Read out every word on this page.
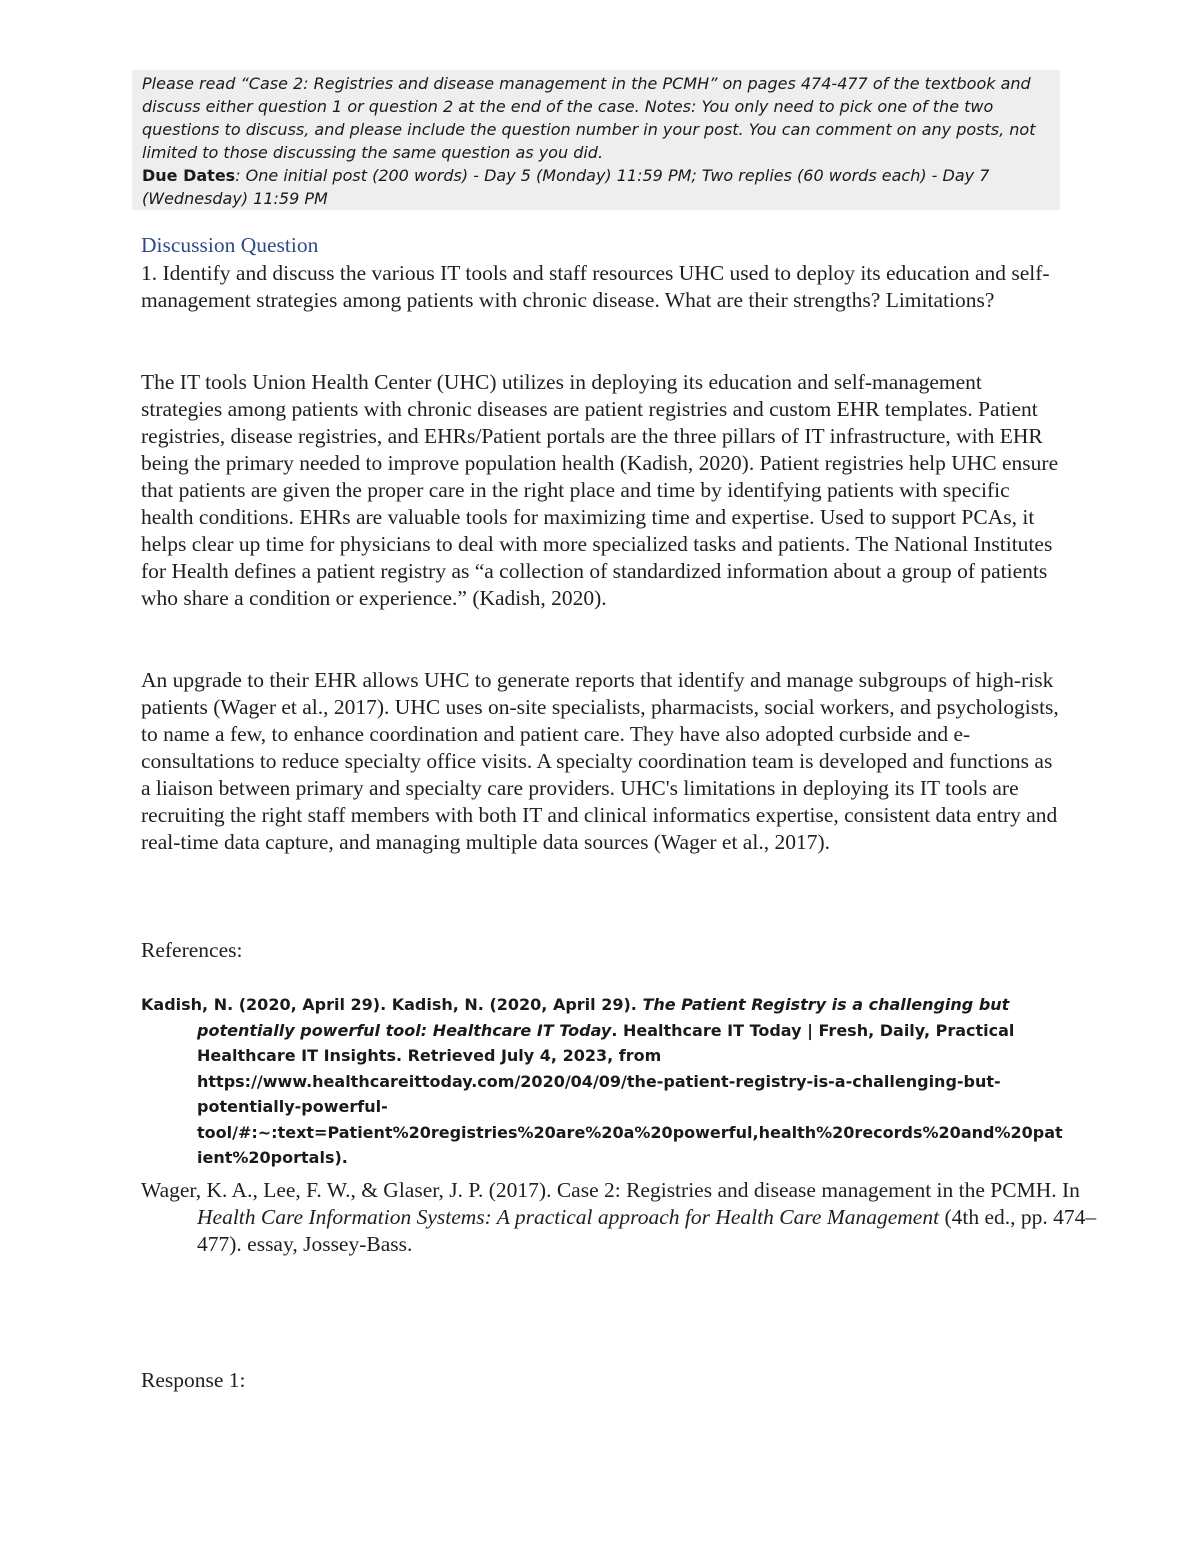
Please read “Case 2: Registries and disease management in the PCMH” on pages 474-477 of the textbook and discuss either question 1 or question 2 at the end of the case. Notes: You only need to pick one of the two questions to discuss, and please include the question number in your post. You can comment on any posts, not limited to those discussing the same question as you did.
Due Dates: One initial post (200 words) - Day 5 (Monday) 11:59 PM; Two replies (60 words each) - Day 7 (Wednesday) 11:59 PM
Discussion Question

1. Identify and discuss the various IT tools and staff resources UHC used to deploy its education and self-management strategies among patients with chronic disease. What are their strengths? Limitations?

The IT tools Union Health Center (UHC) utilizes in deploying its education and self-management strategies among patients with chronic diseases are patient registries and custom EHR templates. Patient registries, disease registries, and EHRs/Patient portals are the three pillars of IT infrastructure, with EHR being the primary needed to improve population health (Kadish, 2020). Patient registries help UHC ensure that patients are given the proper care in the right place and time by identifying patients with specific health conditions. EHRs are valuable tools for maximizing time and expertise. Used to support PCAs, it helps clear up time for physicians to deal with more specialized tasks and patients. The National Institutes for Health defines a patient registry as “a collection of standardized information about a group of patients who share a condition or experience.” (Kadish, 2020).

An upgrade to their EHR allows UHC to generate reports that identify and manage subgroups of high-risk patients (Wager et al., 2017). UHC uses on-site specialists, pharmacists, social workers, and psychologists, to name a few, to enhance coordination and patient care. They have also adopted curbside and e-consultations to reduce specialty office visits. A specialty coordination team is developed and functions as a liaison between primary and specialty care providers. UHC's limitations in deploying its IT tools are recruiting the right staff members with both IT and clinical informatics expertise, consistent data entry and real-time data capture, and managing multiple data sources (Wager et al., 2017).

References:

Kadish, N. (2020, April 29). Kadish, N. (2020, April 29). The Patient Registry is a challenging but potentially powerful tool: Healthcare IT Today. Healthcare IT Today | Fresh, Daily, Practical Healthcare IT Insights. Retrieved July 4, 2023, from https://www.healthcareittoday.com/2020/04/09/the-patient-registry-is-a-challenging-but-potentially-powerful-tool/#:~:text=Patient%20registries%20are%20a%20powerful,health%20records%20and%20patient%20portals).

Wager, K. A., Lee, F. W., & Glaser, J. P. (2017). Case 2: Registries and disease management in the PCMH. In Health Care Information Systems: A practical approach for Health Care Management (4th ed., pp. 474–477). essay, Jossey-Bass.

Response 1:
